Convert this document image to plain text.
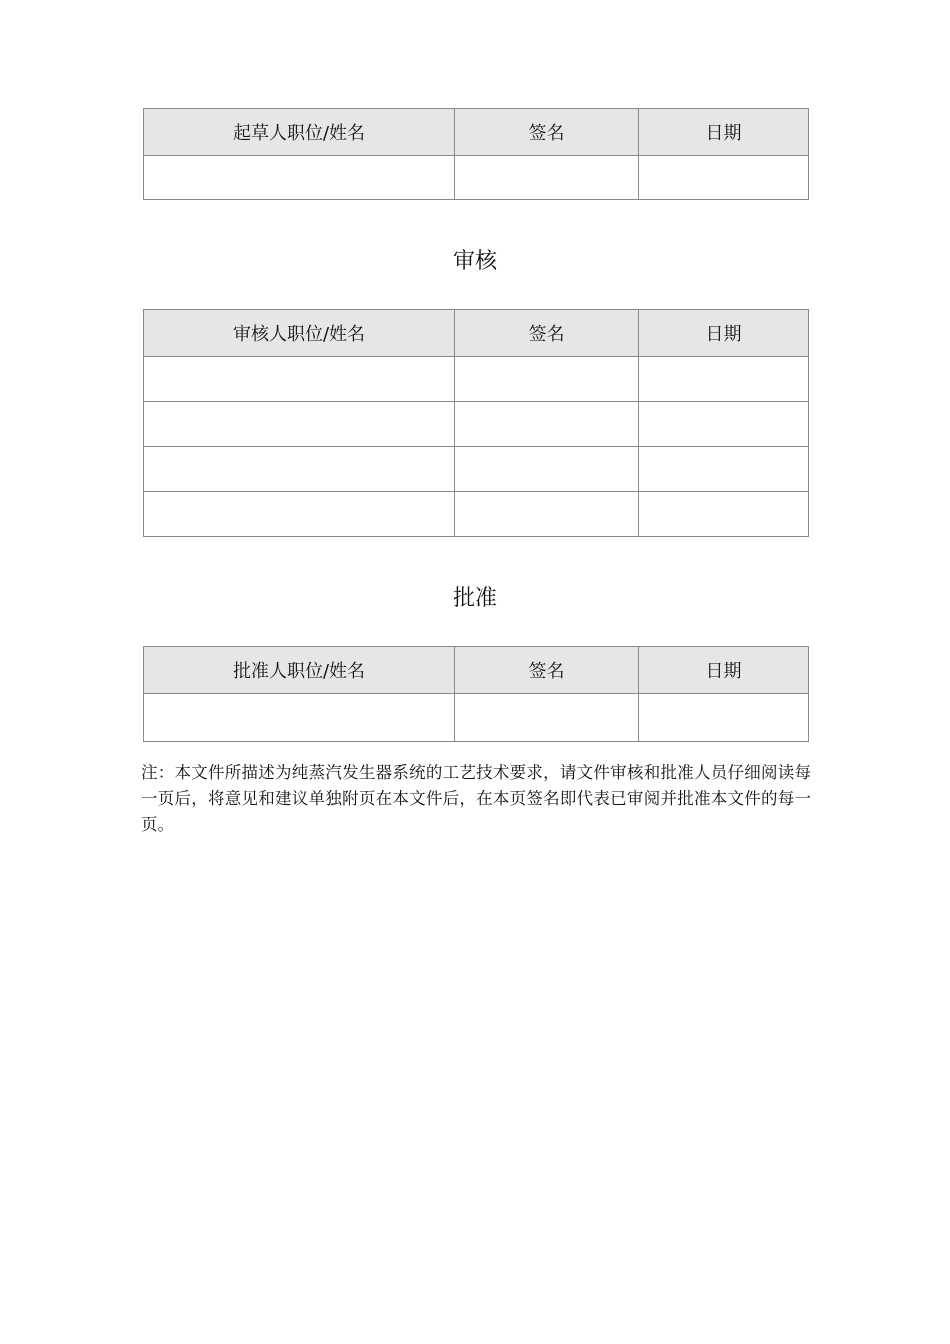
起草人职位/姓名	签名	日期

审核
审核人职位/姓名	签名	日期

批准
批准人职位/姓名	签名	日期

注：本文件所描述为纯蒸汽发生器系统的工艺技术要求，请文件审核和批准人员仔细阅读每一页后，将意见和建议单独附页在本文件后，在本页签名即代表已审阅并批准本文件的每一页。
